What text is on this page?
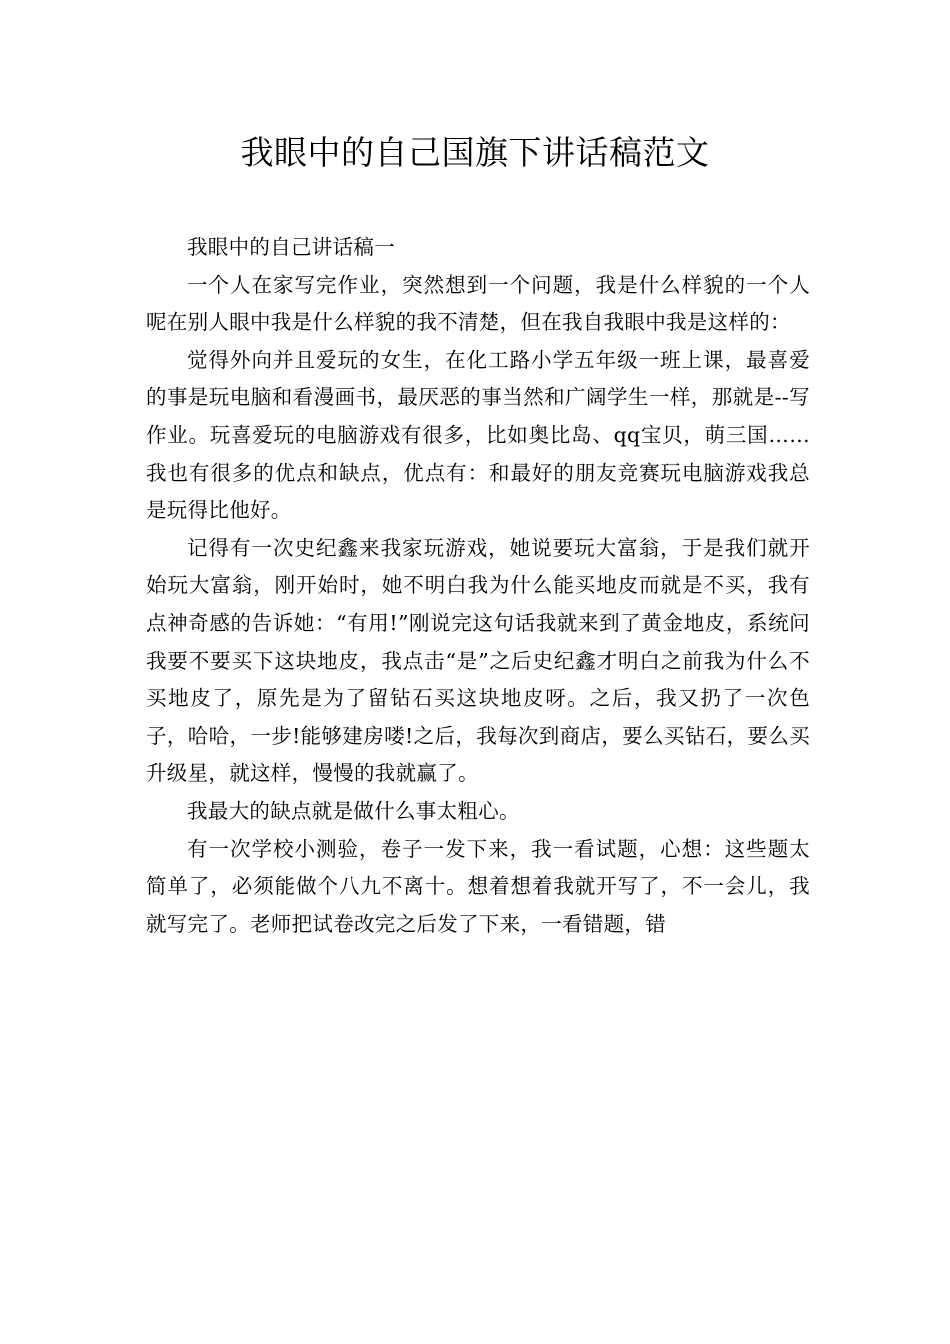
我眼中的自己国旗下讲话稿范文

我眼中的自己讲话稿一

一个人在家写完作业，突然想到一个问题，我是什么样貌的一个人呢在别人眼中我是什么样貌的我不清楚，但在我自我眼中我是这样的：

觉得外向并且爱玩的女生，在化工路小学五年级一班上课，最喜爱的事是玩电脑和看漫画书，最厌恶的事当然和广阔学生一样，那就是--写作业。玩喜爱玩的电脑游戏有很多，比如奥比岛、qq宝贝，萌三国……我也有很多的优点和缺点，优点有：和最好的朋友竞赛玩电脑游戏我总是玩得比他好。

记得有一次史纪鑫来我家玩游戏，她说要玩大富翁，于是我们就开始玩大富翁，刚开始时，她不明白我为什么能买地皮而就是不买，我有点神奇感的告诉她：“有用!”刚说完这句话我就来到了黄金地皮，系统问我要不要买下这块地皮，我点击“是”之后史纪鑫才明白之前我为什么不买地皮了，原先是为了留钻石买这块地皮呀。之后，我又扔了一次色子，哈哈，一步!能够建房喽!之后，我每次到商店，要么买钻石，要么买升级星，就这样，慢慢的我就赢了。

我最大的缺点就是做什么事太粗心。

有一次学校小测验，卷子一发下来，我一看试题，心想：这些题太简单了，必须能做个八九不离十。想着想着我就开写了，不一会儿，我就写完了。老师把试卷改完之后发了下来，一看错题，错
